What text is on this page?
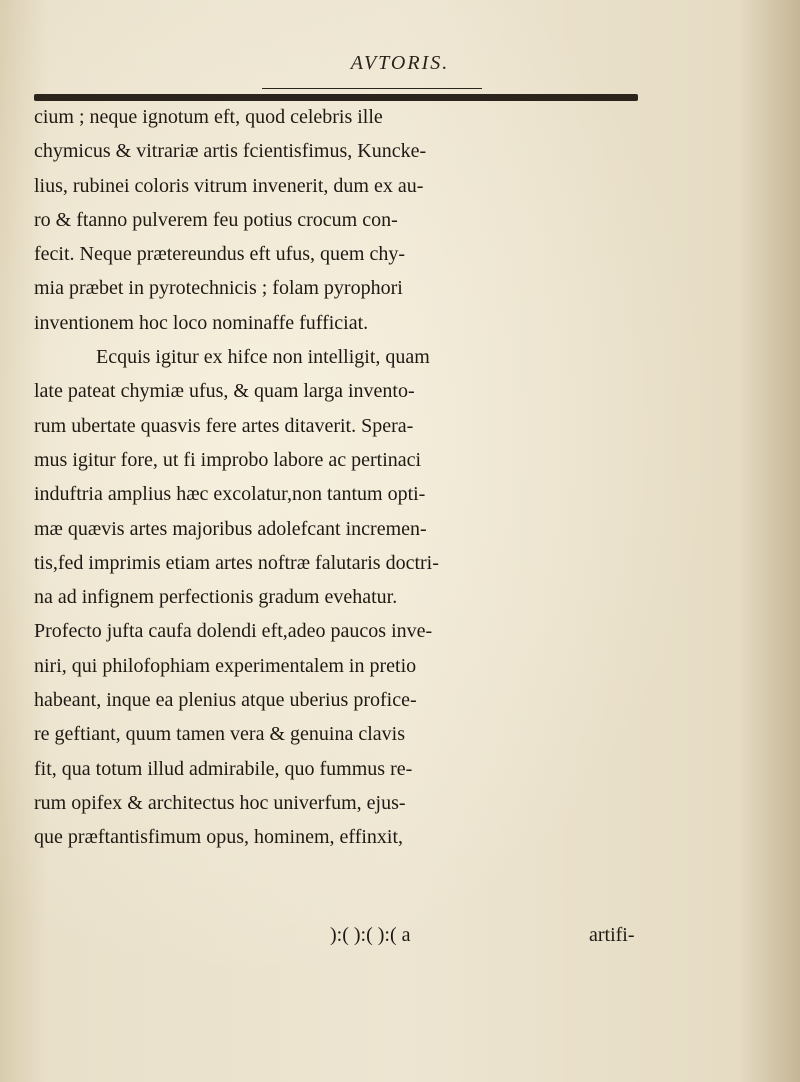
AVTORIS.
cium ; neque ignotum eft, quod celebris ille
chymicus & vitrariæ artis fcientisfimus, Kuncke-
lius, rubinei coloris vitrum invenerit, dum ex au-
ro & ftanno pulverem feu potius crocum con-
fecit. Neque prætereundus eft ufus, quem chy-
mia præbet in pyrotechnicis ; folam pyrophori
inventionem hoc loco nominaffe fufficiat.
Ecquis igitur ex hifce non intelligit, quam
late pateat chymiæ ufus, & quam larga invento-
rum ubertate quasvis fere artes ditaverit. Spera-
mus igitur fore, ut fi improbo labore ac pertinaci
induftria amplius hæc excolatur,non tantum opti-
mæ quævis artes majoribus adolefcant incremen-
tis,fed imprimis etiam artes noftræ falutaris doctri-
na ad infignem perfectionis gradum evehatur.
Profecto jufta caufa dolendi eft,adeo paucos inve-
niri, qui philofophiam experimentalem in pretio
habeant, inque ea plenius atque uberius profice-
re geftiant, quum tamen vera & genuina clavis
fit, qua totum illud admirabile, quo fummus re-
rum opifex & architectus hoc univerfum, ejus-
que præftantisfimum opus, hominem, effinxit,
):( ):( ):( a	artifi-
